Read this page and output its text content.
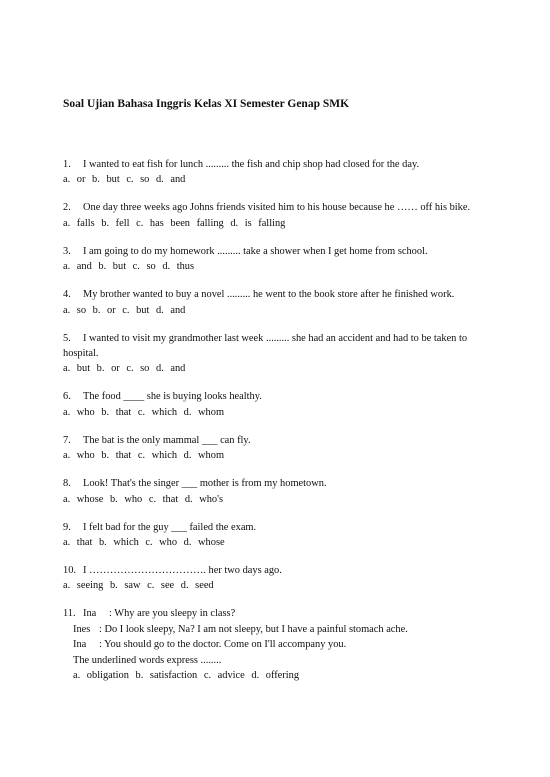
Soal Ujian Bahasa Inggris Kelas XI Semester Genap SMK
1. I wanted to eat fish for lunch ......... the fish and chip shop had closed for the day.
a. or b. but c. so d. and
2. One day three weeks ago Johns friends visited him to his house because he …… off his bike.
a. falls b. fell c. has been falling d. is falling
3. I am going to do my homework ......... take a shower when I get home from school.
a. and b. but c. so d. thus
4. My brother wanted to buy a novel ......... he went to the book store after he finished work.
a. so b. or c. but d. and
5. I wanted to visit my grandmother last week ......... she had an accident and had to be taken to hospital.
a. but b. or c. so d. and
6. The food ____ she is buying looks healthy.
a. who b. that c. which d. whom
7. The bat is the only mammal ___ can fly.
a. who b. that c. which d. whom
8. Look! That's the singer ___ mother is from my hometown.
a. whose b. who c. that d. who's
9. I felt bad for the guy ___ failed the exam.
a. that b. which c. who d. whose
10. I ……………………………. her two days ago.
a. seeing b. saw c. see d. seed
11. Ina : Why are you sleepy in class?
Ines : Do I look sleepy, Na? I am not sleepy, but I have a painful stomach ache.
Ina : You should go to the doctor. Come on I'll accompany you.
The underlined words express ........
a. obligation b. satisfaction c. advice d. offering
